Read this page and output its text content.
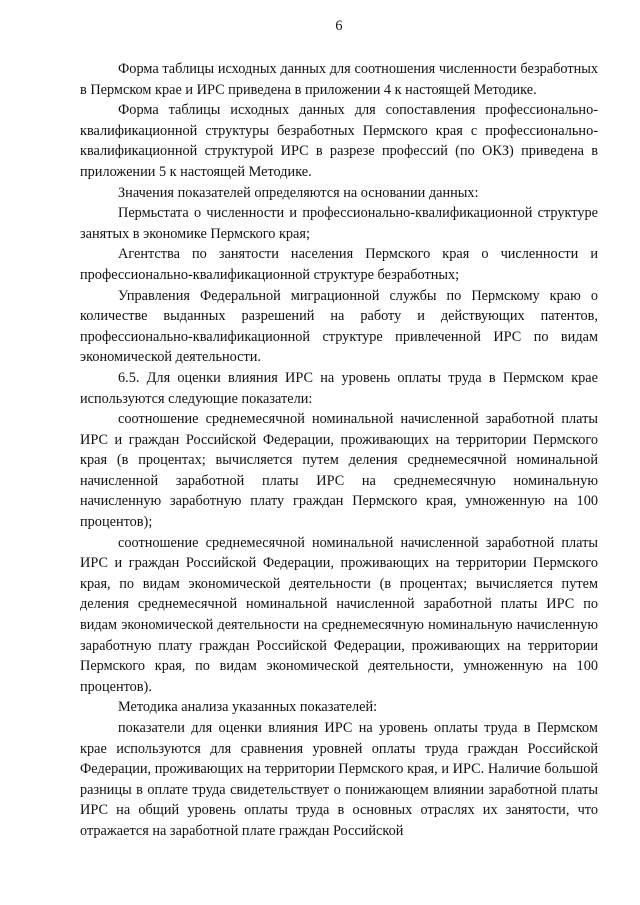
6

Форма таблицы исходных данных для соотношения численности безработных в Пермском крае и ИРС приведена в приложении 4 к настоящей Методике.

Форма таблицы исходных данных для сопоставления профессионально-квалификационной структуры безработных Пермского края с профессионально-квалификационной структурой ИРС в разрезе профессий (по ОКЗ) приведена в приложении 5 к настоящей Методике.

Значения показателей определяются на основании данных:

Пермьстата о численности и профессионально-квалификационной структуре занятых в экономике Пермского края;

Агентства по занятости населения Пермского края о численности и профессионально-квалификационной структуре безработных;

Управления Федеральной миграционной службы по Пермскому краю о количестве выданных разрешений на работу и действующих патентов, профессионально-квалификационной структуре привлеченной ИРС по видам экономической деятельности.

6.5. Для оценки влияния ИРС на уровень оплаты труда в Пермском крае используются следующие показатели:

соотношение среднемесячной номинальной начисленной заработной платы ИРС и граждан Российской Федерации, проживающих на территории Пермского края (в процентах; вычисляется путем деления среднемесячной номинальной начисленной заработной платы ИРС на среднемесячную номинальную начисленную заработную плату граждан Пермского края, умноженную на 100 процентов);

соотношение среднемесячной номинальной начисленной заработной платы ИРС и граждан Российской Федерации, проживающих на территории Пермского края, по видам экономической деятельности (в процентах; вычисляется путем деления среднемесячной номинальной начисленной заработной платы ИРС по видам экономической деятельности на среднемесячную номинальную начисленную заработную плату граждан Российской Федерации, проживающих на территории Пермского края, по видам экономической деятельности, умноженную на 100 процентов).

Методика анализа указанных показателей:

показатели для оценки влияния ИРС на уровень оплаты труда в Пермском крае используются для сравнения уровней оплаты труда граждан Российской Федерации, проживающих на территории Пермского края, и ИРС. Наличие большой разницы в оплате труда свидетельствует о понижающем влиянии заработной платы ИРС на общий уровень оплаты труда в основных отраслях их занятости, что отражается на заработной плате граждан Российской
